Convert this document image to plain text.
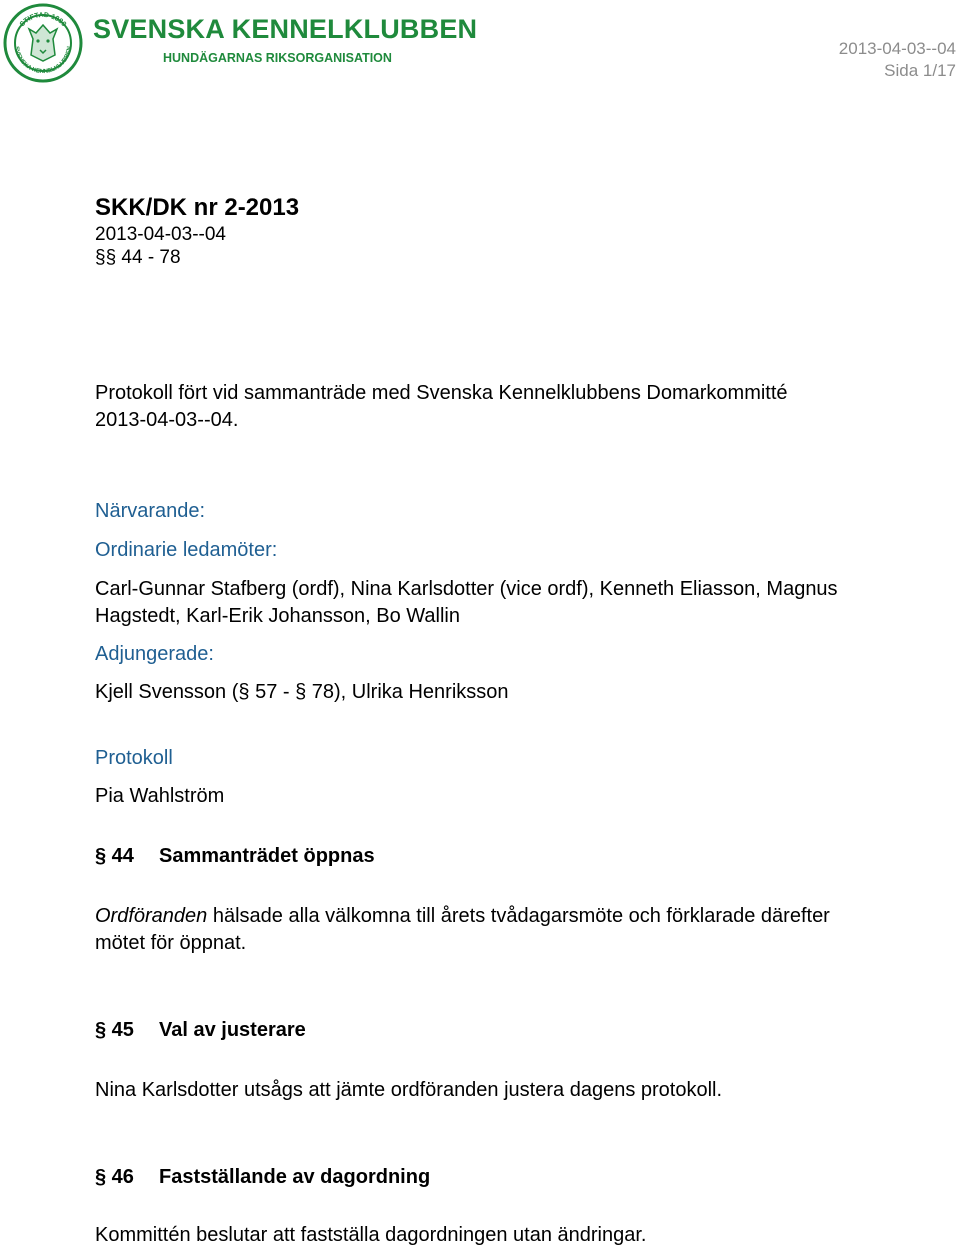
STIFTAD 1889
SVENSKA KENNELKLUBBEN
SVENSKA KENNELKLUBBEN
HUNDÄGARNAS RIKSORGANISATION	2013-04-03--04
Sida 1/17
SKK/DK nr 2-2013
2013-04-03--04
§§ 44 - 78
Protokoll fört vid sammanträde med Svenska Kennelklubbens Domarkommitté
2013-04-03--04.
Närvarande:
Ordinarie ledamöter:
Carl-Gunnar Stafberg (ordf), Nina Karlsdotter (vice ordf), Kenneth Eliasson, Magnus
Hagstedt, Karl-Erik Johansson, Bo Wallin
Adjungerade:
Kjell Svensson (§ 57 - § 78), Ulrika Henriksson
Protokoll
Pia Wahlström
§ 44 Sammanträdet öppnas
Ordföranden hälsade alla välkomna till årets tvådagarsmöte och förklarade därefter
mötet för öppnat.
§ 45 Val av justerare
Nina Karlsdotter utsågs att jämte ordföranden justera dagens protokoll.
§ 46 Fastställande av dagordning
Kommittén beslutar att fastställa dagordningen utan ändringar.
